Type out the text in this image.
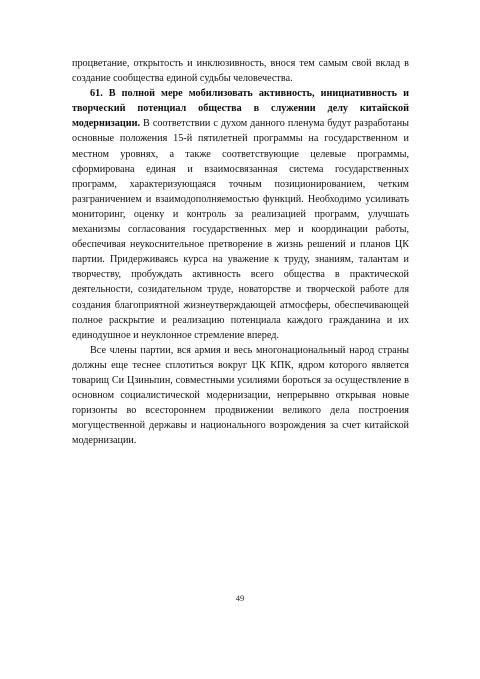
процветание, открытость и инклюзивность, внося тем самым свой вклад в создание сообщества единой судьбы человечества.

61. В полной мере мобилизовать активность, инициативность и творческий потенциал общества в служении делу китайской модернизации. В соответствии с духом данного пленума будут разработаны основные положения 15-й пятилетней программы на государственном и местном уровнях, а также соответствующие целевые программы, сформирована единая и взаимосвязанная система государственных программ, характеризующаяся точным позиционированием, четким разграничением и взаимодополняемостью функций. Необходимо усиливать мониторинг, оценку и контроль за реализацией программ, улучшать механизмы согласования государственных мер и координации работы, обеспечивая неукоснительное претворение в жизнь решений и планов ЦК партии. Придерживаясь курса на уважение к труду, знаниям, талантам и творчеству, пробуждать активность всего общества в практической деятельности, созидательном труде, новаторстве и творческой работе для создания благоприятной жизнеутверждающей атмосферы, обеспечивающей полное раскрытие и реализацию потенциала каждого гражданина и их единодушное и неуклонное стремление вперед.

Все члены партии, вся армия и весь многонациональный народ страны должны еще теснее сплотиться вокруг ЦК КПК, ядром которого является товарищ Си Цзиньпин, совместными усилиями бороться за осуществление в основном социалистической модернизации, непрерывно открывая новые горизонты во всестороннем продвижении великого дела построения могущественной державы и национального возрождения за счет китайской модернизации.

49
